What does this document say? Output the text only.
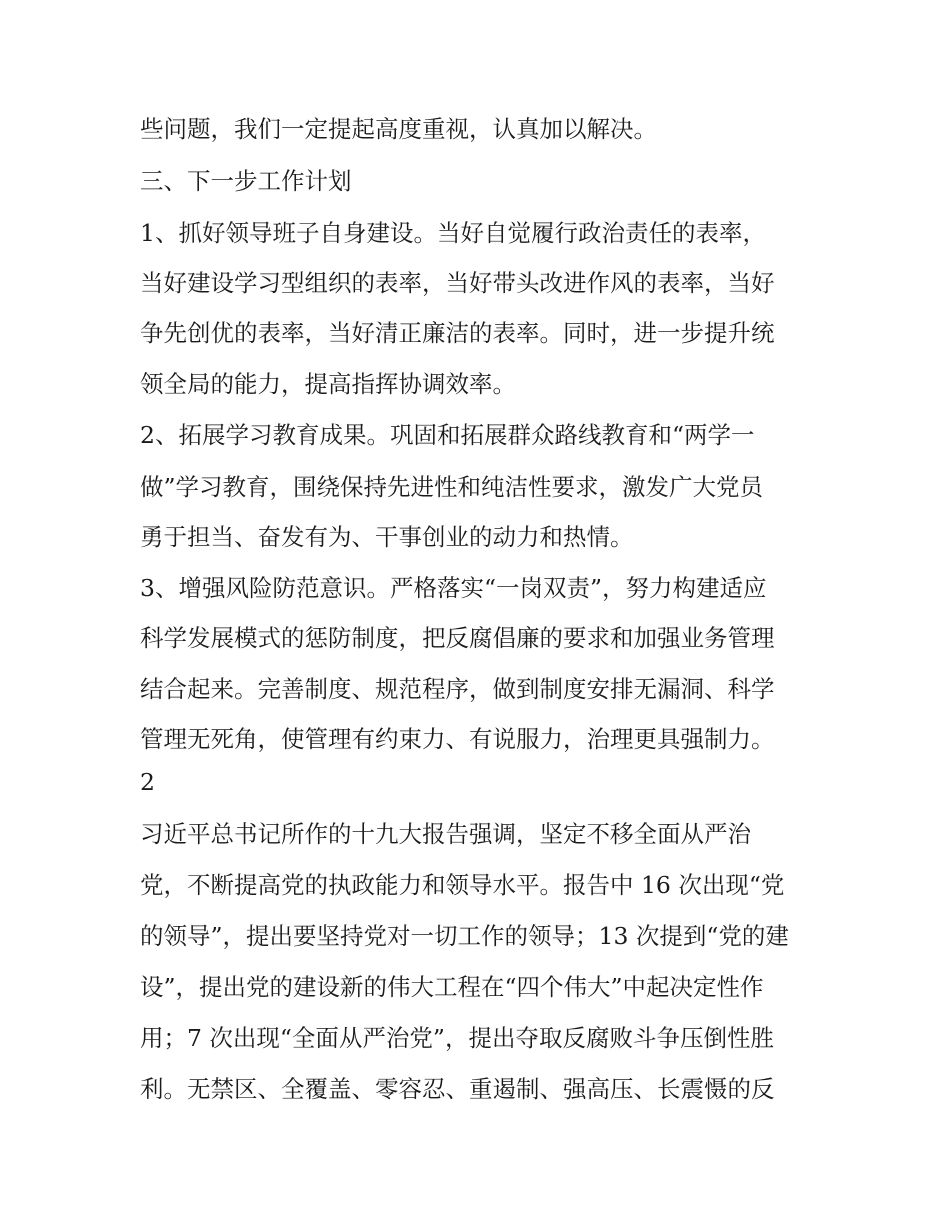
些问题，我们一定提起高度重视，认真加以解决。
三、下一步工作计划
1、抓好领导班子自身建设。当好自觉履行政治责任的表率，
当好建设学习型组织的表率，当好带头改进作风的表率，当好
争先创优的表率，当好清正廉洁的表率。同时，进一步提升统
领全局的能力，提高指挥协调效率。
2、拓展学习教育成果。巩固和拓展群众路线教育和“两学一
做”学习教育，围绕保持先进性和纯洁性要求，激发广大党员
勇于担当、奋发有为、干事创业的动力和热情。
3、增强风险防范意识。严格落实“一岗双责”，努力构建适应
科学发展模式的惩防制度，把反腐倡廉的要求和加强业务管理
结合起来。完善制度、规范程序，做到制度安排无漏洞、科学
管理无死角，使管理有约束力、有说服力，治理更具强制力。
2
习近平总书记所作的十九大报告强调，坚定不移全面从严治
党，不断提高党的执政能力和领导水平。报告中 16 次出现“党
的领导”，提出要坚持党对一切工作的领导；13 次提到“党的建
设”，提出党的建设新的伟大工程在“四个伟大”中起决定性作
用；7 次出现“全面从严治党”，提出夺取反腐败斗争压倒性胜
利。无禁区、全覆盖、零容忍、重遏制、强高压、长震慑的反
